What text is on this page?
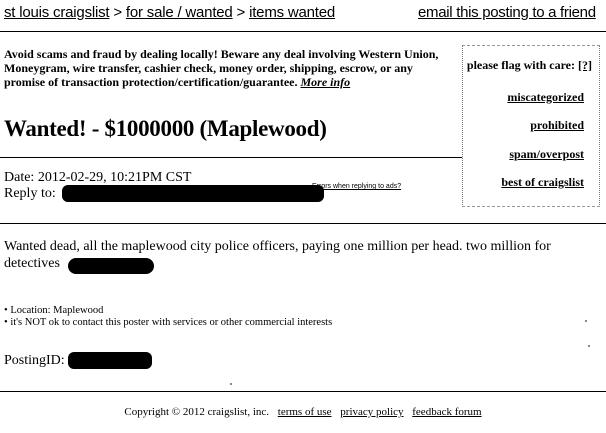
st louis craigslist > for sale / wanted > items wanted	email this posting to a friend
Avoid scams and fraud by dealing locally! Beware any deal involving Western Union, Moneygram, wire transfer, cashier check, money order, shipping, escrow, or any promise of transaction protection/certification/guarantee. More info
please flag with care: [?]
miscategorized
prohibited
spam/overpost
best of craigslist
Wanted! - $1000000 (Maplewood)
Date: 2012-02-29, 10:21PM CST
Reply to:	Errors when replying to ads?
Wanted dead, all the maplewood city police officers, paying one million per head. two million for detectives
• Location: Maplewood
• it's NOT ok to contact this poster with services or other commercial interests
PostingID:
Copyright © 2012 craigslist, inc. terms of use privacy policy feedback forum
